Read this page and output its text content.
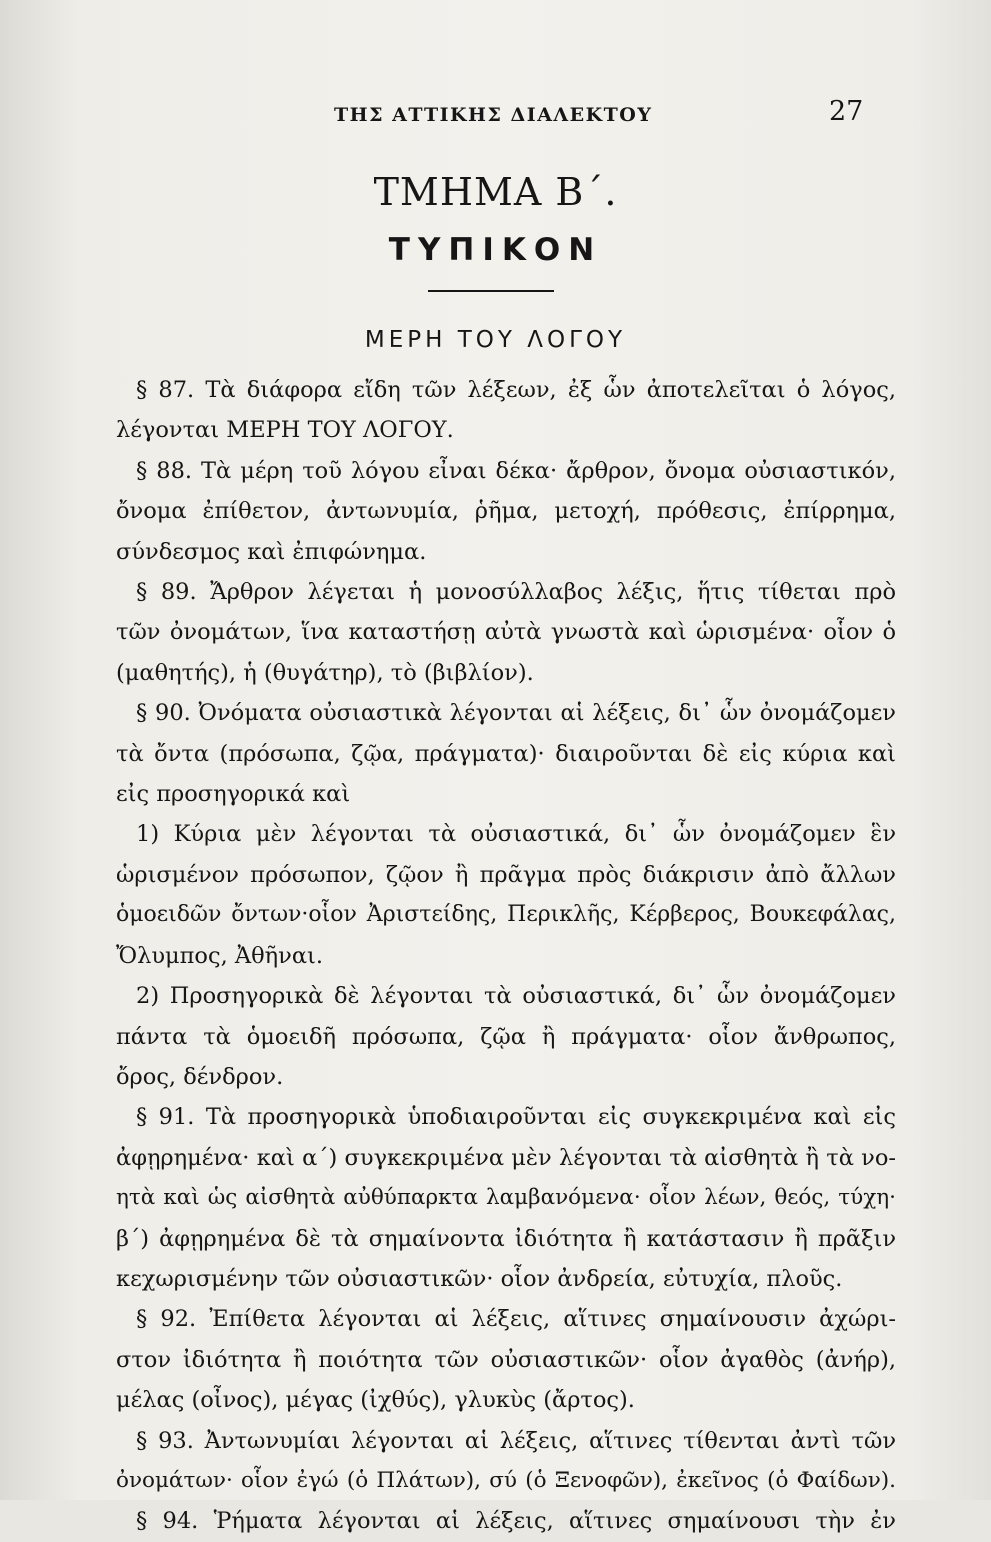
ΤΗΣ ΑΤΤΙΚΗΣ ΔΙΑΛΕΚΤΟΥ	27
ΤΜΗΜΑ Β΄.
ΤΥΠΙΚΟΝ
ΜΕΡΗ ΤΟΥ ΛΟΓΟΥ
§ 87. Τὰ διάφορα εἴδη τῶν λέξεων, ἐξ ὧν ἀποτελεῖται ὁ λόγος,
λέγονται ΜΕΡΗ ΤΟΥ ΛΟΓΟΥ.
§ 88. Τὰ μέρη τοῦ λόγου εἶναι δέκα· ἄρθρον, ὄνομα οὐσιαστικόν,
ὄνομα ἐπίθετον, ἀντωνυμία, ῥῆμα, μετοχή, πρόθεσις, ἐπίρρημα,
σύνδεσμος καὶ ἐπιφώνημα.
§ 89. Ἄρθρον λέγεται ἡ μονοσύλλαβος λέξις, ἥτις τίθεται πρὸ
τῶν ὀνομάτων, ἵνα καταστήσῃ αὐτὰ γνωστὰ καὶ ὡρισμένα· οἷον ὁ
(μαθητής), ἡ (θυγάτηρ), τὸ (βιβλίον).
§ 90. Ὀνόματα οὐσιαστικὰ λέγονται αἱ λέξεις, δι᾽ ὧν ὀνομάζομεν
τὰ ὄντα (πρόσωπα, ζῷα, πράγματα)· διαιροῦνται δὲ εἰς κύρια καὶ
εἰς προσηγορικά καὶ
1) Κύρια μὲν λέγονται τὰ οὐσιαστικά, δι᾽ ὧν ὀνομάζομεν ἓν
ὡρισμένον πρόσωπον, ζῷον ἢ πρᾶγμα πρὸς διάκρισιν ἀπὸ ἄλλων
ὁμοειδῶν ὄντων·οἷον Ἀριστείδης, Περικλῆς, Κέρβερος, Βουκεφάλας,
Ὄλυμπος, Ἀθῆναι.
2) Προσηγορικὰ δὲ λέγονται τὰ οὐσιαστικά, δι᾽ ὧν ὀνομάζομεν
πάντα τὰ ὁμοειδῆ πρόσωπα, ζῷα ἢ πράγματα· οἷον ἄνθρωπος,
ὄρος, δένδρον.
§ 91. Τὰ προσηγορικὰ ὑποδιαιροῦνται εἰς συγκεκριμένα καὶ εἰς
ἀφῃρημένα· καὶ α΄) συγκεκριμένα μὲν λέγονται τὰ αἰσθητὰ ἢ τὰ νο-
ητὰ καὶ ὡς αἰσθητὰ αὐθύπαρκτα λαμβανόμενα· οἷον λέων, θεός, τύχη·
β΄) ἀφῃρημένα δὲ τὰ σημαίνοντα ἰδιότητα ἢ κατάστασιν ἢ πρᾶξιν
κεχωρισμένην τῶν οὐσιαστικῶν· οἷον ἀνδρεία, εὐτυχία, πλοῦς.
§ 92. Ἐπίθετα λέγονται αἱ λέξεις, αἵτινες σημαίνουσιν ἀχώρι-
στον ἰδιότητα ἢ ποιότητα τῶν οὐσιαστικῶν· οἷον ἀγαθὸς (ἀνήρ),
μέλας (οἶνος), μέγας (ἰχθύς), γλυκὺς (ἄρτος).
§ 93. Ἀντωνυμίαι λέγονται αἱ λέξεις, αἵτινες τίθενται ἀντὶ τῶν
ὀνομάτων· οἷον ἐγώ (ὁ Πλάτων), σύ (ὁ Ξενοφῶν), ἐκεῖνος (ὁ Φαίδων).
§ 94. Ῥήματα λέγονται αἱ λέξεις, αἵτινες σημαίνουσι τὴν ἐν
